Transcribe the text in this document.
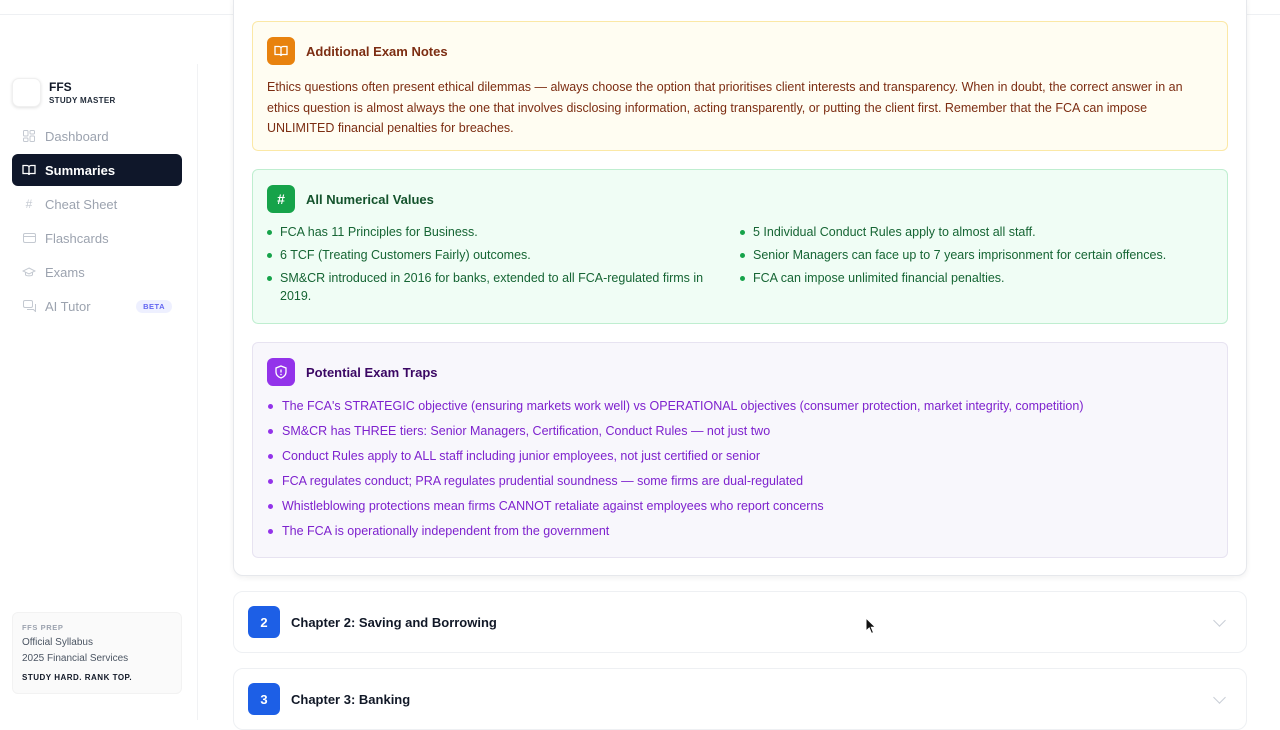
FFS
STUDY MASTER
Dashboard
Summaries
# Cheat Sheet
Flashcards
Exams
AI Tutor	BETA
FFS PREP
Official Syllabus
2025 Financial Services
STUDY HARD. RANK TOP.
Additional Exam Notes

Ethics questions often present ethical dilemmas — always choose the option that prioritises client interests and transparency. When in doubt, the correct answer in an ethics question is almost always the one that involves disclosing information, acting transparently, or putting the client first. Remember that the FCA can impose UNLIMITED financial penalties for breaches.

#	All Numerical Values
FCA has 11 Principles for Business.
6 TCF (Treating Customers Fairly) outcomes.
SM&CR introduced in 2016 for banks, extended to all FCA-regulated firms in 2019.
5 Individual Conduct Rules apply to almost all staff.
Senior Managers can face up to 7 years imprisonment for certain offences.
FCA can impose unlimited financial penalties.
Potential Exam Traps
The FCA's STRATEGIC objective (ensuring markets work well) vs OPERATIONAL objectives (consumer protection, market integrity, competition)
SM&CR has THREE tiers: Senior Managers, Certification, Conduct Rules — not just two
Conduct Rules apply to ALL staff including junior employees, not just certified or senior
FCA regulates conduct; PRA regulates prudential soundness — some firms are dual-regulated
Whistleblowing protections mean firms CANNOT retaliate against employees who report concerns
The FCA is operationally independent from the government
2	Chapter 2: Saving and Borrowing
3	Chapter 3: Banking
